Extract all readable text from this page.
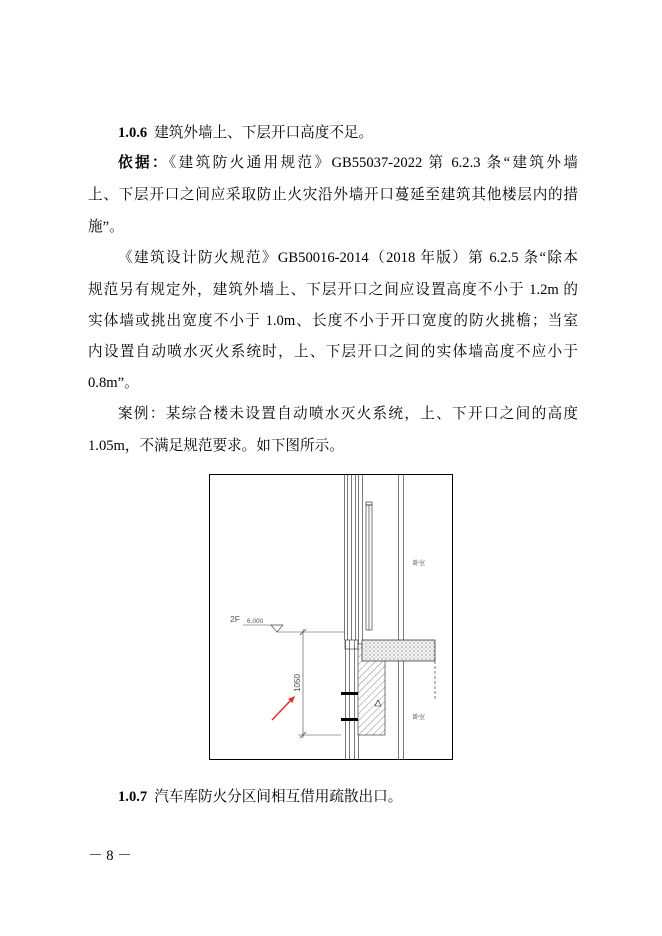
1.0.6 建筑外墙上、下层开口高度不足。
依据：《建筑防火通用规范》GB55037-2022 第 6.2.3 条“建筑外墙
上、下层开口之间应采取防止火灾沿外墙开口蔓延至建筑其他楼层内的措
施”。
《建筑设计防火规范》GB50016-2014（2018 年版）第 6.2.5 条“除本
规范另有规定外，建筑外墙上、下层开口之间应设置高度不小于 1.2m 的
实体墙或挑出宽度不小于 1.0m、长度不小于开口宽度的防火挑檐；当室
内设置自动喷水灭火系统时，上、下层开口之间的实体墙高度不应小于
0.8m”。
案例：某综合楼未设置自动喷水灭火系统，上、下开口之间的高度
1.05m，不满足规范要求。如下图所示。
2F 6.000
1050
卧室
卧室
1.0.7 汽车库防火分区间相互借用疏散出口。
－ 8 －
